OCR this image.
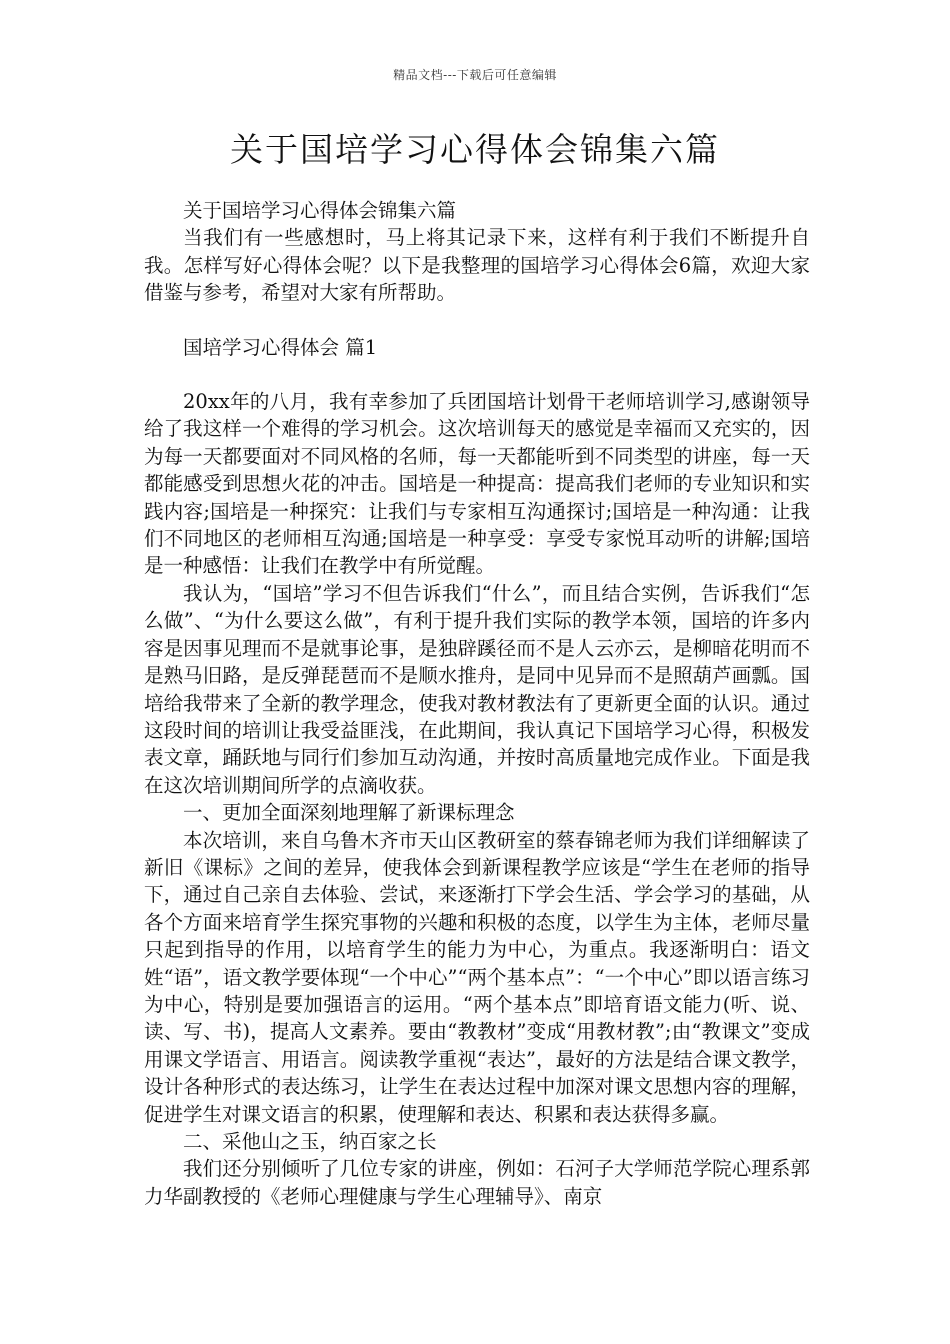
精品文档---下载后可任意编辑
关于国培学习心得体会锦集六篇

关于国培学习心得体会锦集六篇

当我们有一些感想时，马上将其记录下来，这样有利于我们不断提升自我。怎样写好心得体会呢？以下是我整理的国培学习心得体会6篇，欢迎大家借鉴与参考，希望对大家有所帮助。

国培学习心得体会 篇1

20xx年的八月，我有幸参加了兵团国培计划骨干老师培训学习,感谢领导给了我这样一个难得的学习机会。这次培训每天的感觉是幸福而又充实的，因为每一天都要面对不同风格的名师，每一天都能听到不同类型的讲座，每一天都能感受到思想火花的冲击。国培是一种提高：提高我们老师的专业知识和实践内容;国培是一种探究：让我们与专家相互沟通探讨;国培是一种沟通：让我们不同地区的老师相互沟通;国培是一种享受：享受专家悦耳动听的讲解;国培是一种感悟：让我们在教学中有所觉醒。

我认为，“国培”学习不但告诉我们“什么”，而且结合实例，告诉我们“怎么做”、“为什么要这么做”，有利于提升我们实际的教学本领，国培的许多内容是因事见理而不是就事论事，是独辟蹊径而不是人云亦云，是柳暗花明而不是熟马旧路，是反弹琵琶而不是顺水推舟，是同中见异而不是照葫芦画瓢。国培给我带来了全新的教学理念，使我对教材教法有了更新更全面的认识。通过这段时间的培训让我受益匪浅，在此期间，我认真记下国培学习心得，积极发表文章，踊跃地与同行们参加互动沟通，并按时高质量地完成作业。下面是我在这次培训期间所学的点滴收获。

一、更加全面深刻地理解了新课标理念

本次培训，来自乌鲁木齐市天山区教研室的蔡春锦老师为我们详细解读了新旧《课标》之间的差异，使我体会到新课程教学应该是“学生在老师的指导下，通过自己亲自去体验、尝试，来逐渐打下学会生活、学会学习的基础，从各个方面来培育学生探究事物的兴趣和积极的态度，以学生为主体，老师尽量只起到指导的作用，以培育学生的能力为中心，为重点。我逐渐明白：语文姓“语”，语文教学要体现“一个中心”“两个基本点”：“一个中心”即以语言练习为中心，特别是要加强语言的运用。“两个基本点”即培育语文能力(听、说、读、写、书)，提高人文素养。要由“教教材”变成“用教材教”;由“教课文”变成用课文学语言、用语言。阅读教学重视“表达”，最好的方法是结合课文教学，设计各种形式的表达练习，让学生在表达过程中加深对课文思想内容的理解，促进学生对课文语言的积累，使理解和表达、积累和表达获得多赢。

二、采他山之玉，纳百家之长

我们还分别倾听了几位专家的讲座，例如：石河子大学师范学院心理系郭力华副教授的《老师心理健康与学生心理辅导》、南京
